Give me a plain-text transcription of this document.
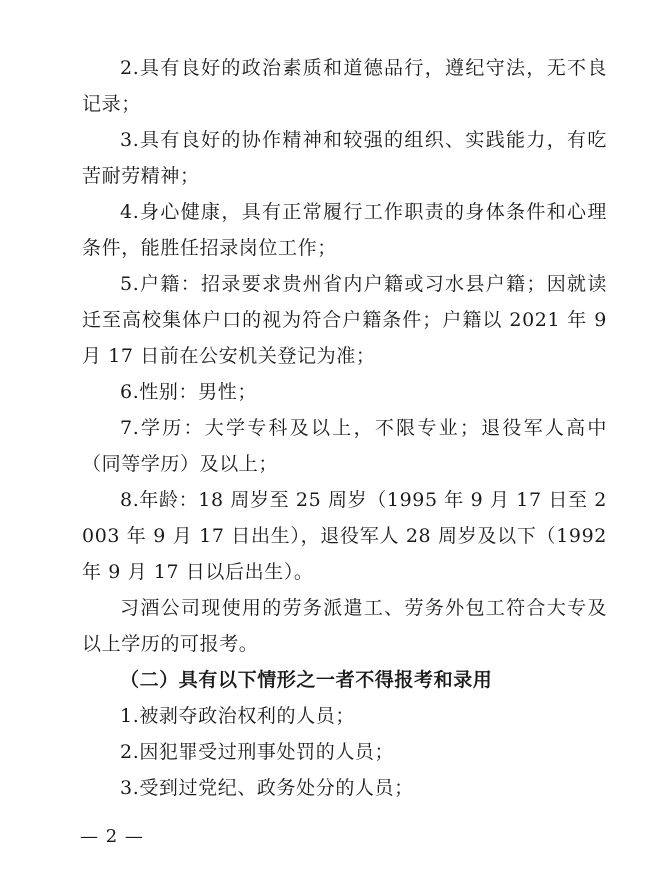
2.具有良好的政治素质和道德品行，遵纪守法，无不良记录；

3.具有良好的协作精神和较强的组织、实践能力，有吃苦耐劳精神；

4.身心健康，具有正常履行工作职责的身体条件和心理条件，能胜任招录岗位工作；

5.户籍：招录要求贵州省内户籍或习水县户籍；因就读迁至高校集体户口的视为符合户籍条件；户籍以 2021 年 9 月 17 日前在公安机关登记为准；

6.性别：男性；

7.学历：大学专科及以上，不限专业；退役军人高中（同等学历）及以上；

8.年龄：18 周岁至 25 周岁（1995 年 9 月 17 日至 2003 年 9 月 17 日出生），退役军人 28 周岁及以下（1992 年 9 月 17 日以后出生）。

习酒公司现使用的劳务派遣工、劳务外包工符合大专及以上学历的可报考。

（二）具有以下情形之一者不得报考和录用

1.被剥夺政治权利的人员；

2.因犯罪受过刑事处罚的人员；

3.受到过党纪、政务处分的人员；

— 2 —
